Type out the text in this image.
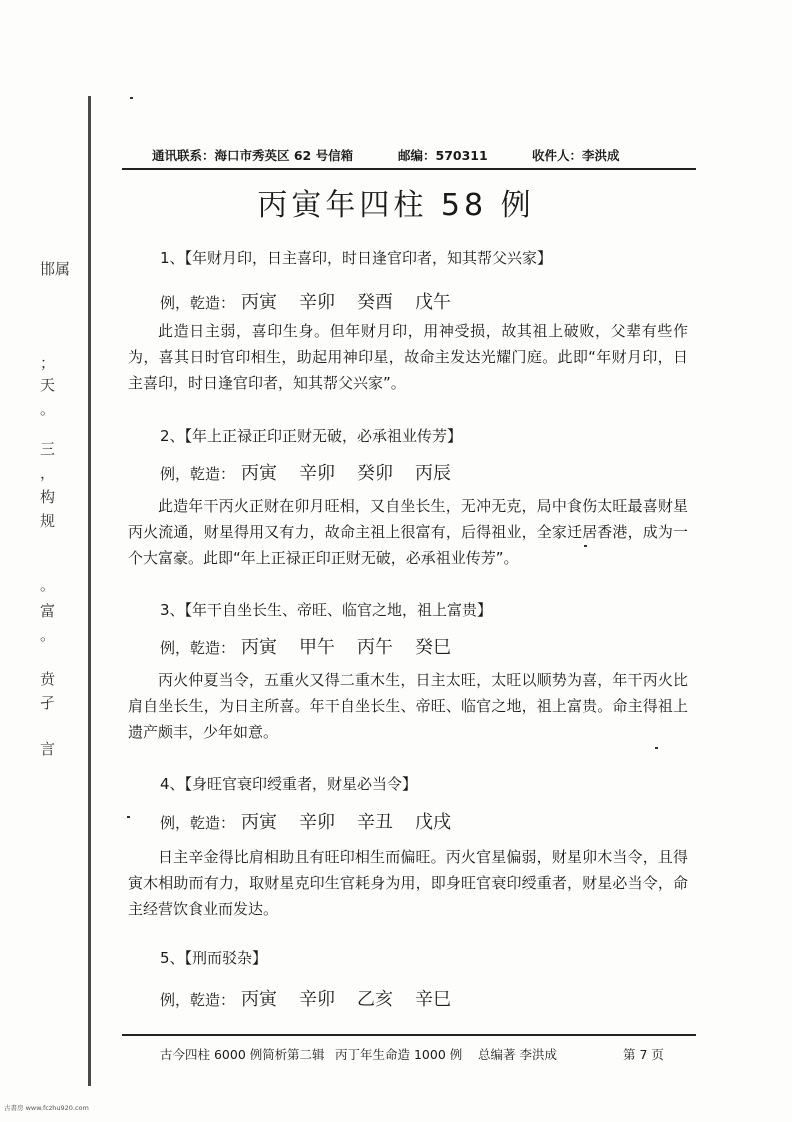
邯属
；
天
。
三
，
构
规
。
富
。
贲
孑
言
通讯联系：海口市秀英区 62 号信箱	邮编：570311	收件人：李洪成
丙寅年四柱 58 例
1、【年财月印，日主喜印，时日逢官印者，知其帮父兴家】
例，乾造： 丙寅 辛卯 癸酉 戊午
此造日主弱，喜印生身。但年财月印，用神受损，故其祖上破败，父辈有些作为，喜其日时官印相生，助起用神印星，故命主发达光耀门庭。此即“年财月印，日主喜印，时日逢官印者，知其帮父兴家”。
2、【年上正禄正印正财无破，必承祖业传芳】
例，乾造： 丙寅 辛卯 癸卯 丙辰
此造年干丙火正财在卯月旺相，又自坐长生，无冲无克，局中食伤太旺最喜财星丙火流通，财星得用又有力，故命主祖上很富有，后得祖业，全家迁居香港，成为一个大富豪。此即“年上正禄正印正财无破，必承祖业传芳”。
3、【年干自坐长生、帝旺、临官之地，祖上富贵】
例，乾造： 丙寅 甲午 丙午 癸巳
丙火仲夏当令，五重火又得二重木生，日主太旺，太旺以顺势为喜，年干丙火比肩自坐长生，为日主所喜。年干自坐长生、帝旺、临官之地，祖上富贵。命主得祖上遗产颇丰，少年如意。
4、【身旺官衰印绶重者，财星必当令】
例，乾造： 丙寅 辛卯 辛丑 戊戌
日主辛金得比肩相助且有旺印相生而偏旺。丙火官星偏弱，财星卯木当令，且得寅木相助而有力，取财星克印生官耗身为用，即身旺官衰印绶重者，财星必当令，命主经营饮食业而发达。
5、【刑而驳杂】
例，乾造： 丙寅 辛卯 乙亥 辛巳
古今四柱 6000 例简析 第二辑 丙丁年生命造 1000 例 总编著 李洪成	第 7 页
古書房 www.fczhu920.com
